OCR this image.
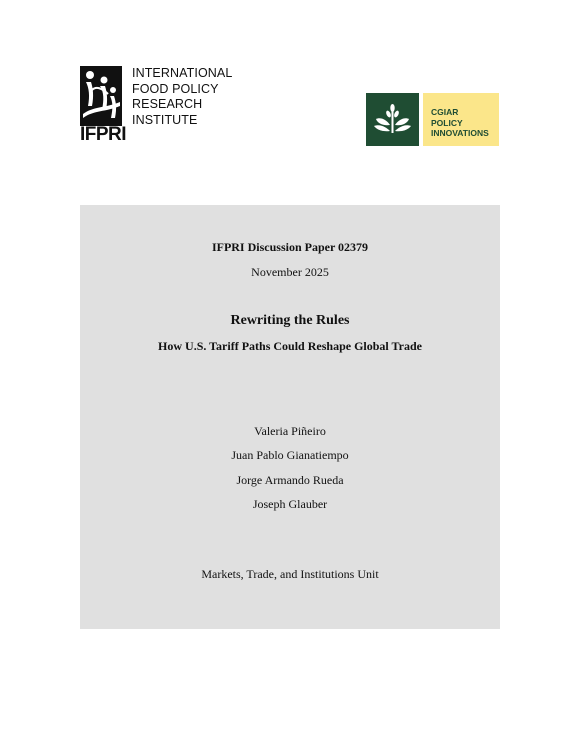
IFPRI
INTERNATIONAL
FOOD POLICY
RESEARCH
INSTITUTE
CGIAR
POLICY
INNOVATIONS
IFPRI Discussion Paper 02379
November 2025
Rewriting the Rules
How U.S. Tariff Paths Could Reshape Global Trade
Valeria Piñeiro
Juan Pablo Gianatiempo
Jorge Armando Rueda
Joseph Glauber
Markets, Trade, and Institutions Unit
